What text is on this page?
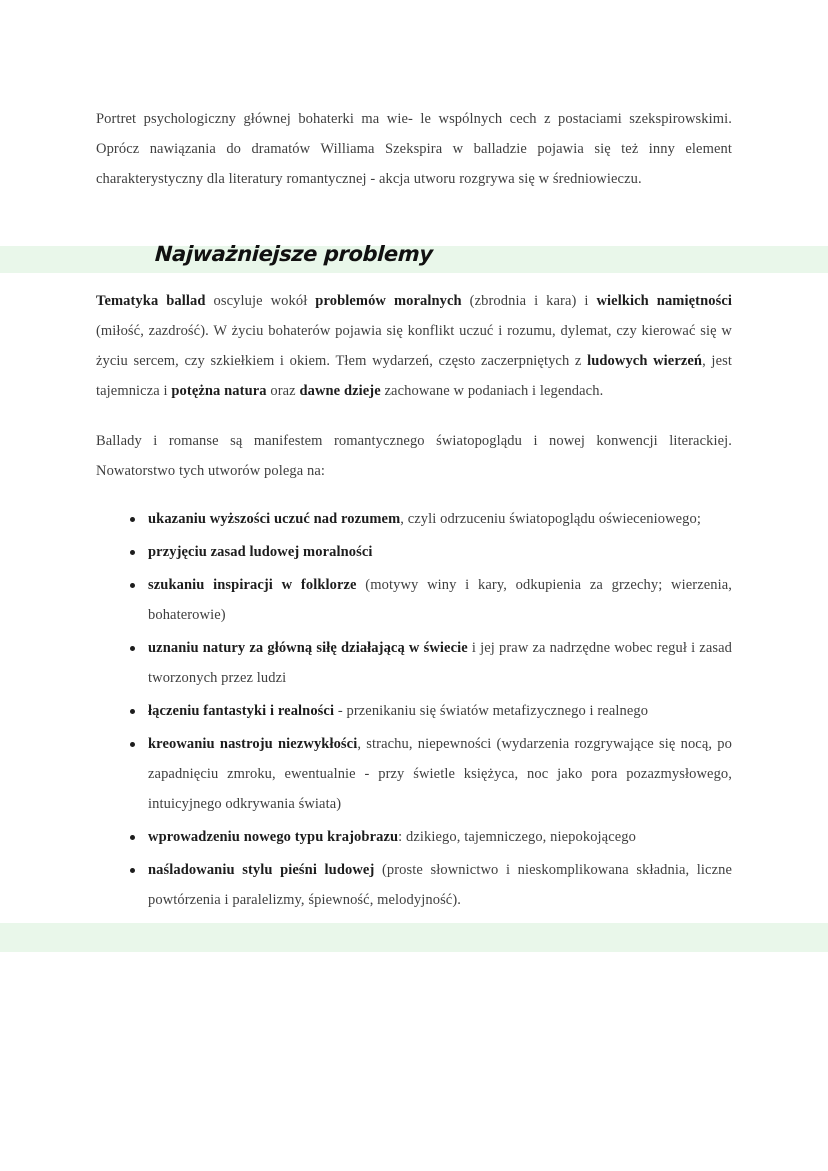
Portret psychologiczny głównej bohaterki ma wie- le wspólnych cech z postaciami szekspirowskimi. Oprócz nawiązania do dramatów Williama Szekspira w balladzie pojawia się też inny element charakterystyczny dla literatury romantycznej - akcja utworu rozgrywa się w średniowieczu.

Najważniejsze problemy

Tematyka ballad oscyluje wokół problemów moralnych (zbrodnia i kara) i wielkich namiętności (miłość, zazdrość). W życiu bohaterów pojawia się konflikt uczuć i rozumu, dylemat, czy kierować się w życiu sercem, czy szkiełkiem i okiem. Tłem wydarzeń, często zaczerpniętych z ludowych wierzeń, jest tajemnicza i potężna natura oraz dawne dzieje zachowane w podaniach i legendach.

Ballady i romanse są manifestem romantycznego światopoglądu i nowej konwencji literackiej. Nowatorstwo tych utworów polega na:

ukazaniu wyższości uczuć nad rozumem, czyli odrzuceniu światopoglądu oświeceniowego;
przyjęciu zasad ludowej moralności
szukaniu inspiracji w folklorze (motywy winy i kary, odkupienia za grzechy; wierzenia, bohaterowie)
uznaniu natury za główną siłę działającą w świecie i jej praw za nadrzędne wobec reguł i zasad tworzonych przez ludzi
łączeniu fantastyki i realności - przenikaniu się światów metafizycznego i realnego
kreowaniu nastroju niezwykłości, strachu, niepewności (wydarzenia rozgrywające się nocą, po zapadnięciu zmroku, ewentualnie - przy świetle księżyca, noc jako pora pozazmysłowego, intuicyjnego odkrywania świata)
wprowadzeniu nowego typu krajobrazu: dzikiego, tajemniczego, niepokojącego
naśladowaniu stylu pieśni ludowej (proste słownictwo i nieskomplikowana składnia, liczne powtórzenia i paralelizmy, śpiewność, melodyjność).
